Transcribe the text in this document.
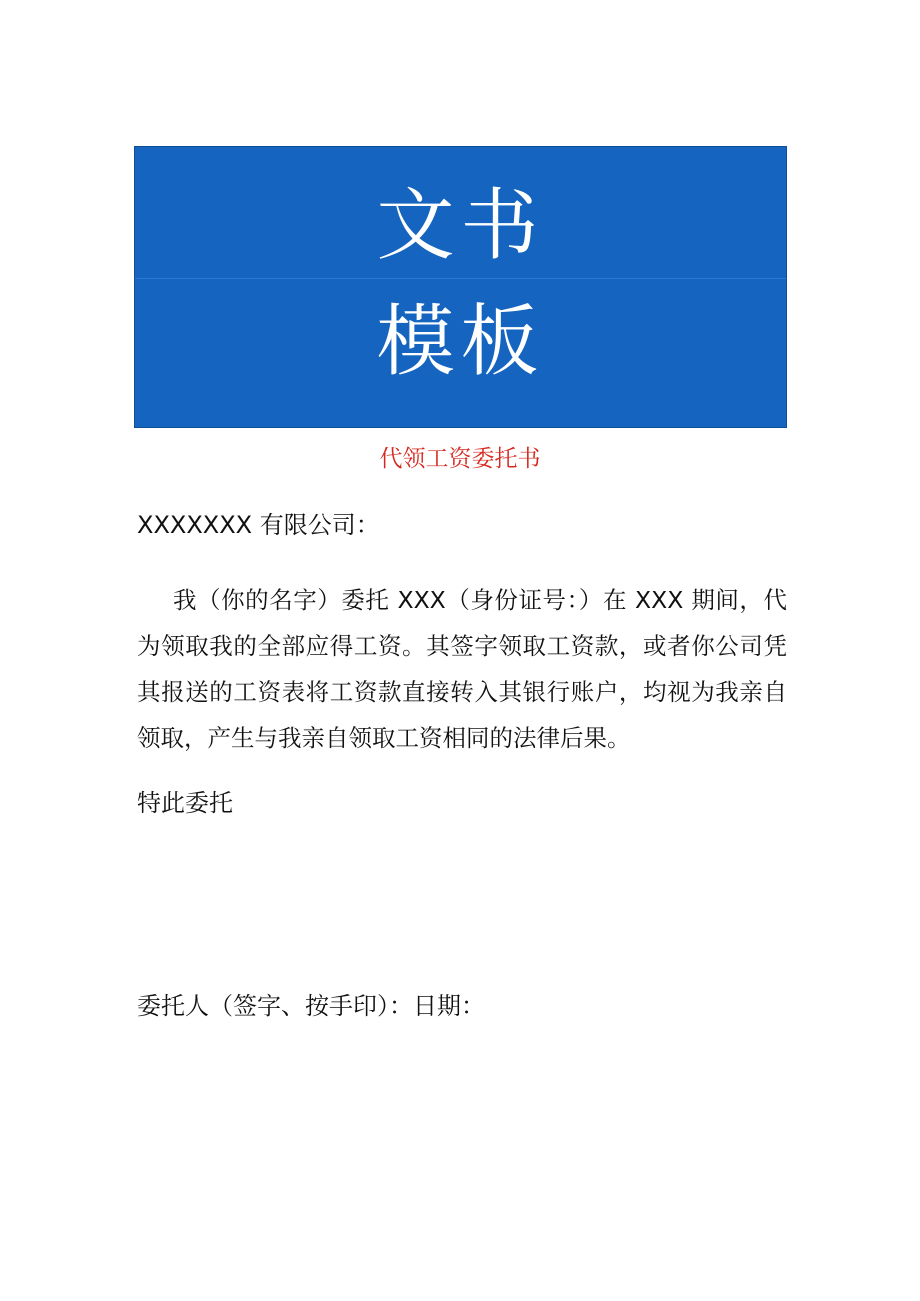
文书
模板
代领工资委托书
XXXXXXX 有限公司：
我（你的名字）委托 XXX（身份证号：）在 XXX 期间，代为领取我的全部应得工资。其签字领取工资款，或者你公司凭其报送的工资表将工资款直接转入其银行账户，均视为我亲自领取，产生与我亲自领取工资相同的法律后果。
特此委托
委托人（签字、按手印）：日期：
